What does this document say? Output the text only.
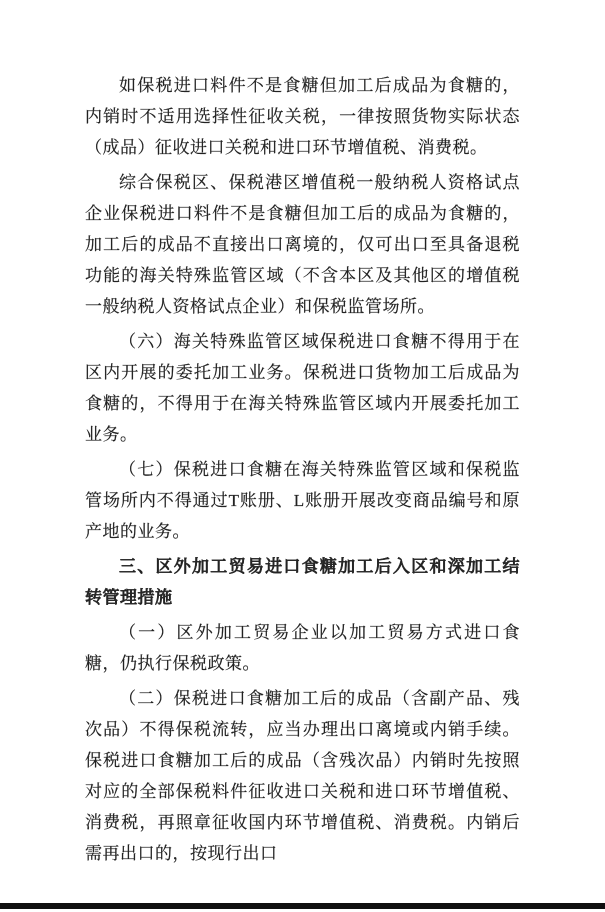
如保税进口料件不是食糖但加工后成品为食糖的，内销时不适用选择性征收关税，一律按照货物实际状态（成品）征收进口关税和进口环节增值税、消费税。

综合保税区、保税港区增值税一般纳税人资格试点企业保税进口料件不是食糖但加工后的成品为食糖的，加工后的成品不直接出口离境的，仅可出口至具备退税功能的海关特殊监管区域（不含本区及其他区的增值税一般纳税人资格试点企业）和保税监管场所。

（六）海关特殊监管区域保税进口食糖不得用于在区内开展的委托加工业务。保税进口货物加工后成品为食糖的，不得用于在海关特殊监管区域内开展委托加工业务。

（七）保税进口食糖在海关特殊监管区域和保税监管场所内不得通过T账册、L账册开展改变商品编号和原产地的业务。

三、区外加工贸易进口食糖加工后入区和深加工结转管理措施

（一）区外加工贸易企业以加工贸易方式进口食糖，仍执行保税政策。

（二）保税进口食糖加工后的成品（含副产品、残次品）不得保税流转，应当办理出口离境或内销手续。保税进口食糖加工后的成品（含残次品）内销时先按照对应的全部保税料件征收进口关税和进口环节增值税、消费税，再照章征收国内环节增值税、消费税。内销后需再出口的，按现行出口
